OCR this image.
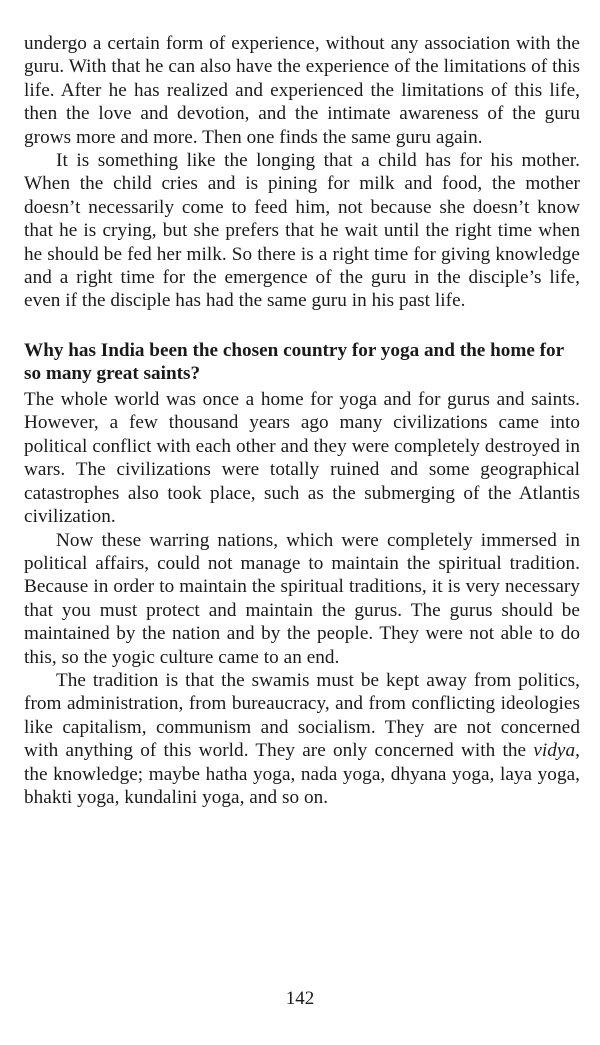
undergo a certain form of experience, without any association with the guru. With that he can also have the experience of the limitations of this life. After he has realized and experienced the limitations of this life, then the love and devotion, and the intimate awareness of the guru grows more and more. Then one finds the same guru again.

It is something like the longing that a child has for his mother. When the child cries and is pining for milk and food, the mother doesn’t necessarily come to feed him, not because she doesn’t know that he is crying, but she prefers that he wait until the right time when he should be fed her milk. So there is a right time for giving knowledge and a right time for the emergence of the guru in the disciple’s life, even if the disciple has had the same guru in his past life.

Why has India been the chosen country for yoga and the home for so many great saints?

The whole world was once a home for yoga and for gurus and saints. However, a few thousand years ago many civilizations came into political conflict with each other and they were completely destroyed in wars. The civilizations were totally ruined and some geographical catastrophes also took place, such as the submerging of the Atlantis civilization.

Now these warring nations, which were completely immersed in political affairs, could not manage to maintain the spiritual tradition. Because in order to maintain the spiritual traditions, it is very necessary that you must protect and maintain the gurus. The gurus should be maintained by the nation and by the people. They were not able to do this, so the yogic culture came to an end.

The tradition is that the swamis must be kept away from politics, from administration, from bureaucracy, and from conflicting ideologies like capitalism, communism and socialism. They are not concerned with anything of this world. They are only concerned with the vidya, the knowledge; maybe hatha yoga, nada yoga, dhyana yoga, laya yoga, bhakti yoga, kundalini yoga, and so on.

142
